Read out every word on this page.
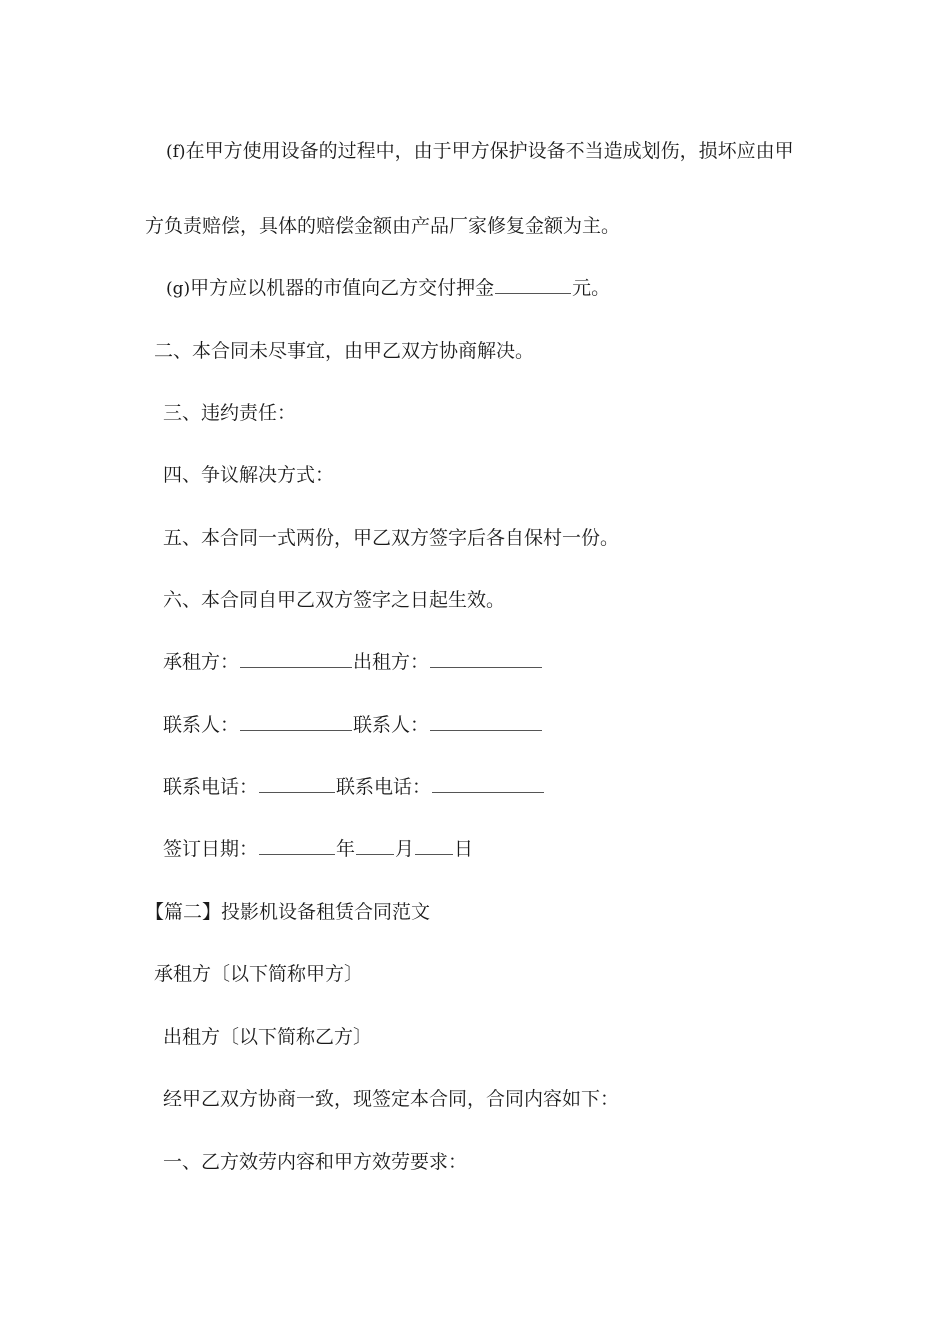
(f)在甲方使用设备的过程中，由于甲方保护设备不当造成划伤，损坏应由甲
方负责赔偿，具体的赔偿金额由产品厂家修复金额为主。
(g)甲方应以机器的市值向乙方交付押金	元。
二、本合同未尽事宜，由甲乙双方协商解决。
三、违约责任：
四、争议解决方式：
五、本合同一式两份，甲乙双方签字后各自保村一份。
六、本合同自甲乙双方签字之日起生效。
承租方：	出租方：
联系人：	联系人：
联系电话：	联系电话：
签订日期：	年 月 日
【篇二】投影机设备租赁合同范文
承租方〔以下简称甲方〕
出租方〔以下简称乙方〕
经甲乙双方协商一致，现签定本合同，合同内容如下：
一、乙方效劳内容和甲方效劳要求：
